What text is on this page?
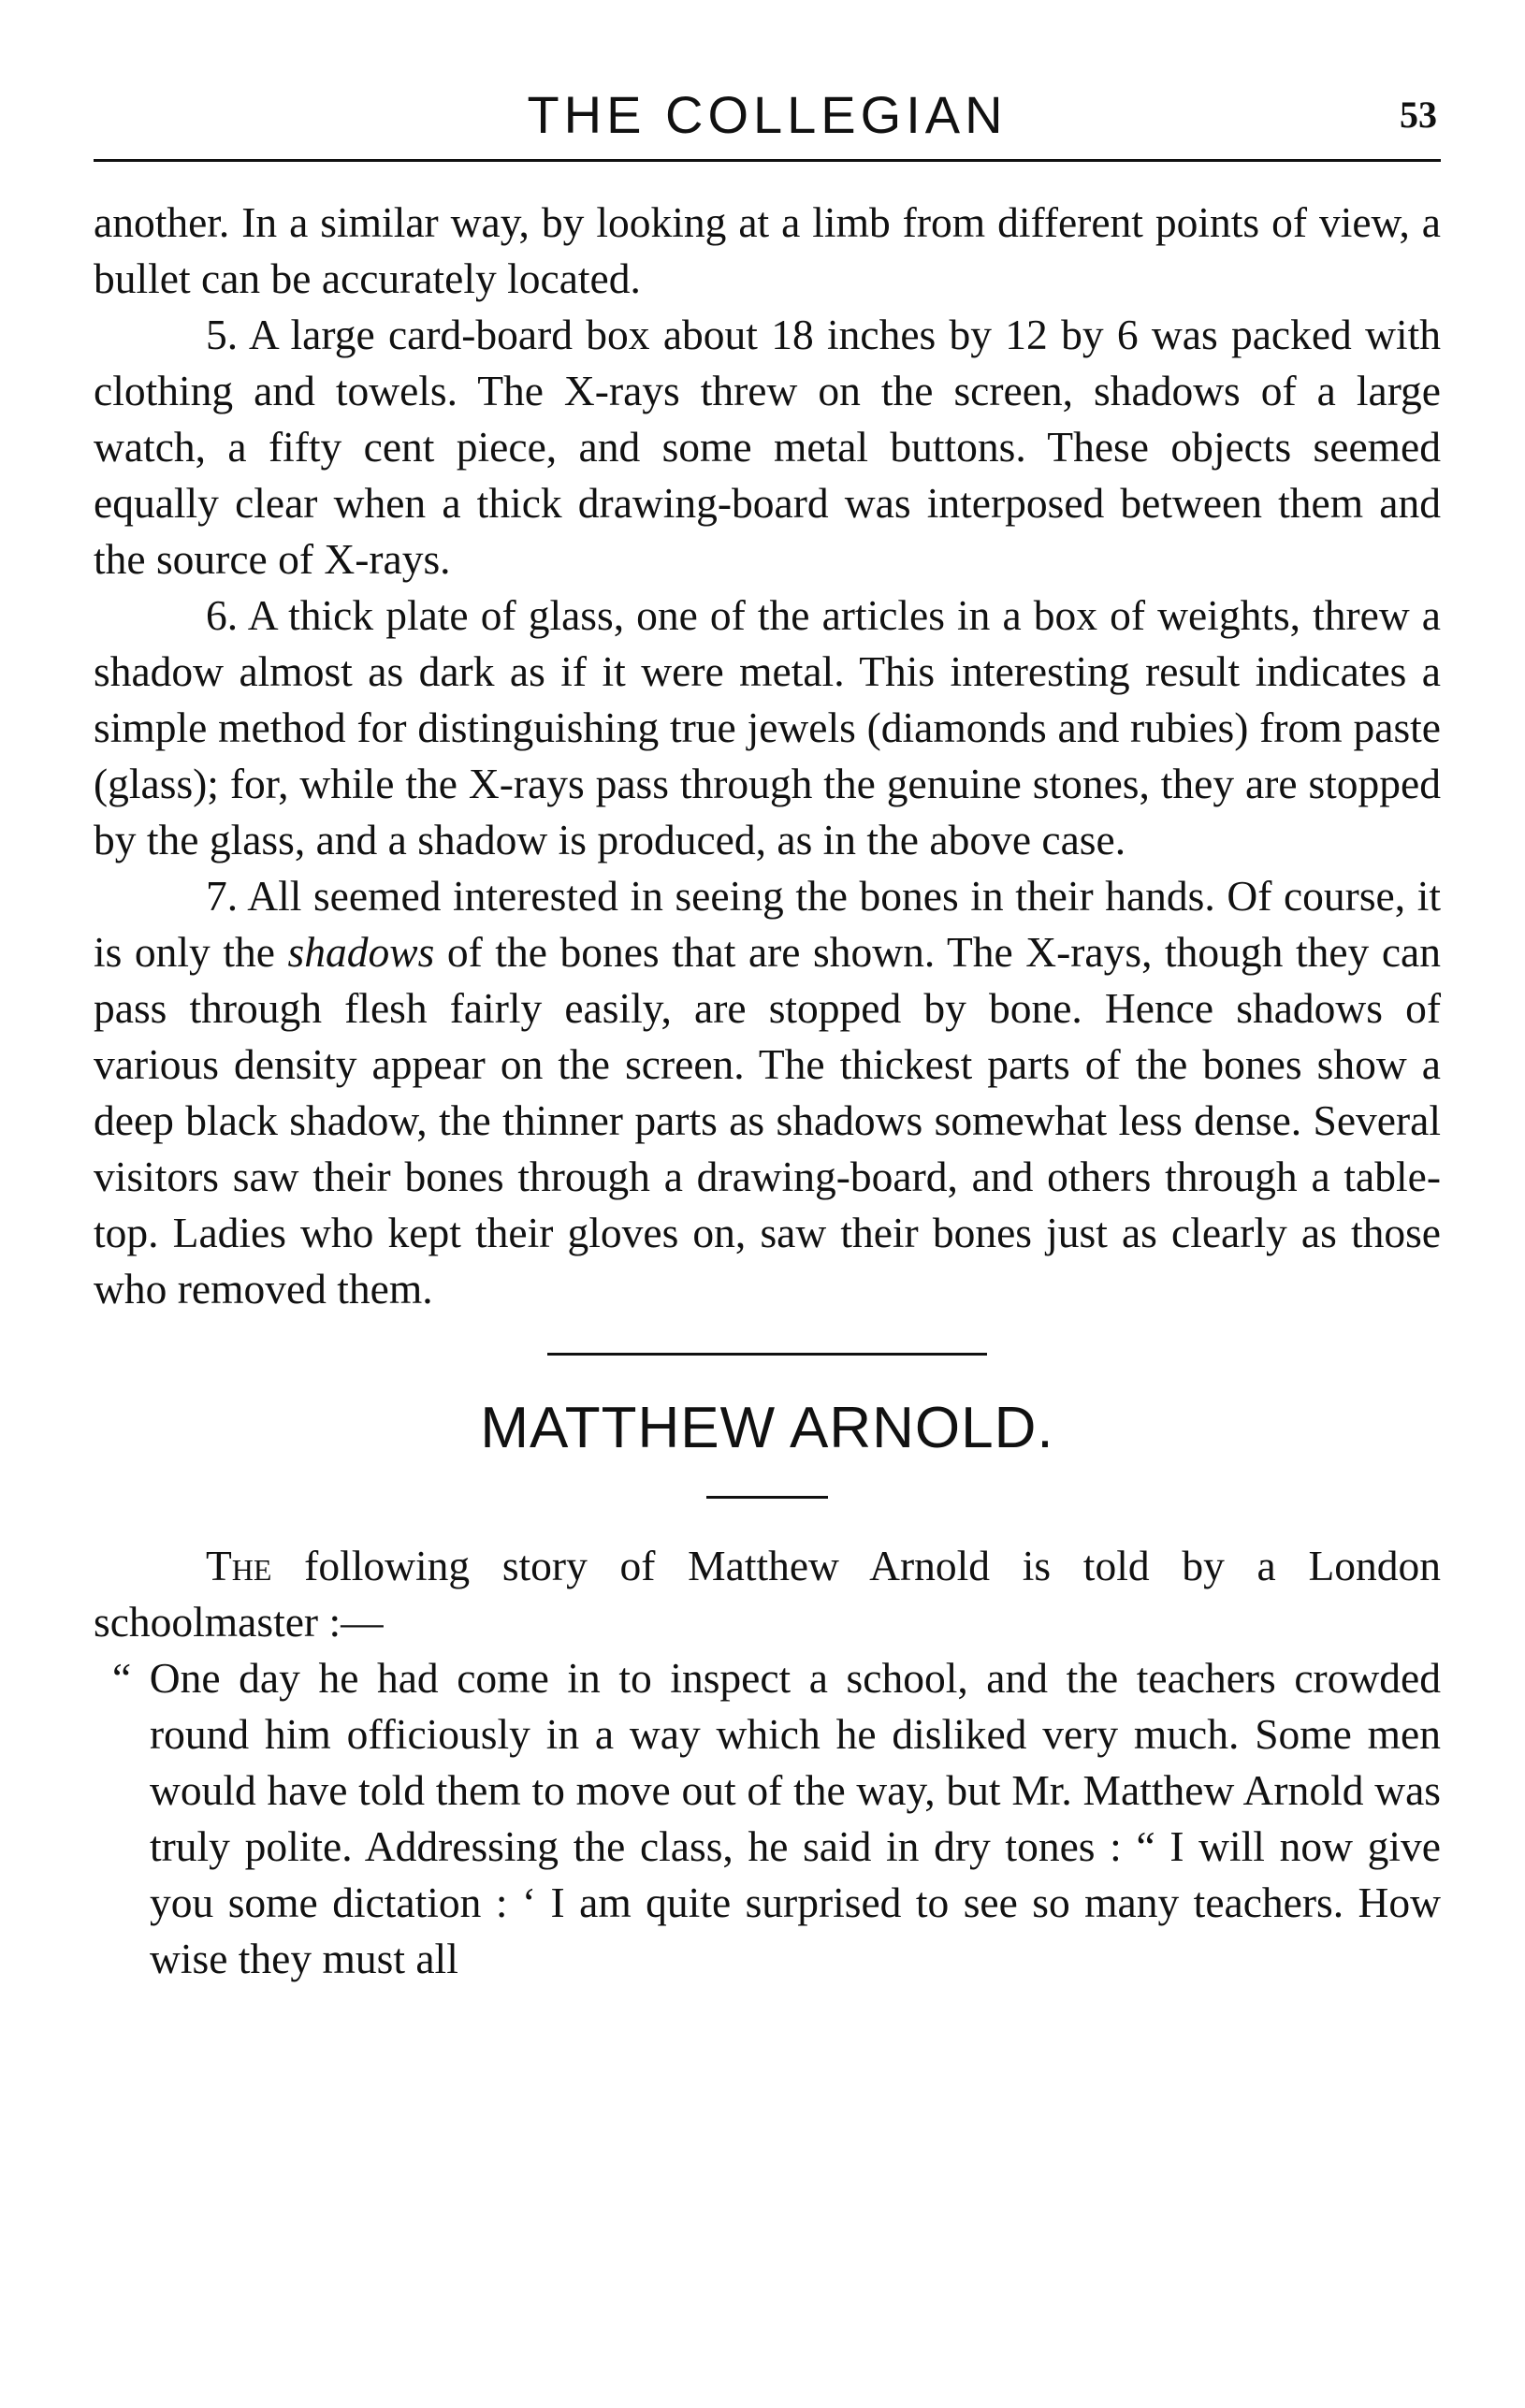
THE COLLEGIAN	53

another. In a similar way, by looking at a limb from different points of view, a bullet can be accurately located.

5. A large card-board box about 18 inches by 12 by 6 was packed with clothing and towels. The X-rays threw on the screen, shadows of a large watch, a fifty cent piece, and some metal buttons. These objects seemed equally clear when a thick drawing-board was interposed between them and the source of X-rays.

6. A thick plate of glass, one of the articles in a box of weights, threw a shadow almost as dark as if it were metal. This interesting result indicates a simple method for distinguishing true jewels (diamonds and rubies) from paste (glass); for, while the X-rays pass through the genuine stones, they are stopped by the glass, and a shadow is produced, as in the above case.

7. All seemed interested in seeing the bones in their hands. Of course, it is only the shadows of the bones that are shown. The X-rays, though they can pass through flesh fairly easily, are stopped by bone. Hence shadows of various density appear on the screen. The thickest parts of the bones show a deep black shadow, the thinner parts as shadows somewhat less dense. Several visitors saw their bones through a drawing-board, and others through a table-top. Ladies who kept their gloves on, saw their bones just as clearly as those who removed them.

MATTHEW ARNOLD.

The following story of Matthew Arnold is told by a London schoolmaster :—

“ One day he had come in to inspect a school, and the teachers crowded round him officiously in a way which he disliked very much. Some men would have told them to move out of the way, but Mr. Matthew Arnold was truly polite. Addressing the class, he said in dry tones : “ I will now give you some dictation : ‘ I am quite surprised to see so many teachers. How wise they must all
